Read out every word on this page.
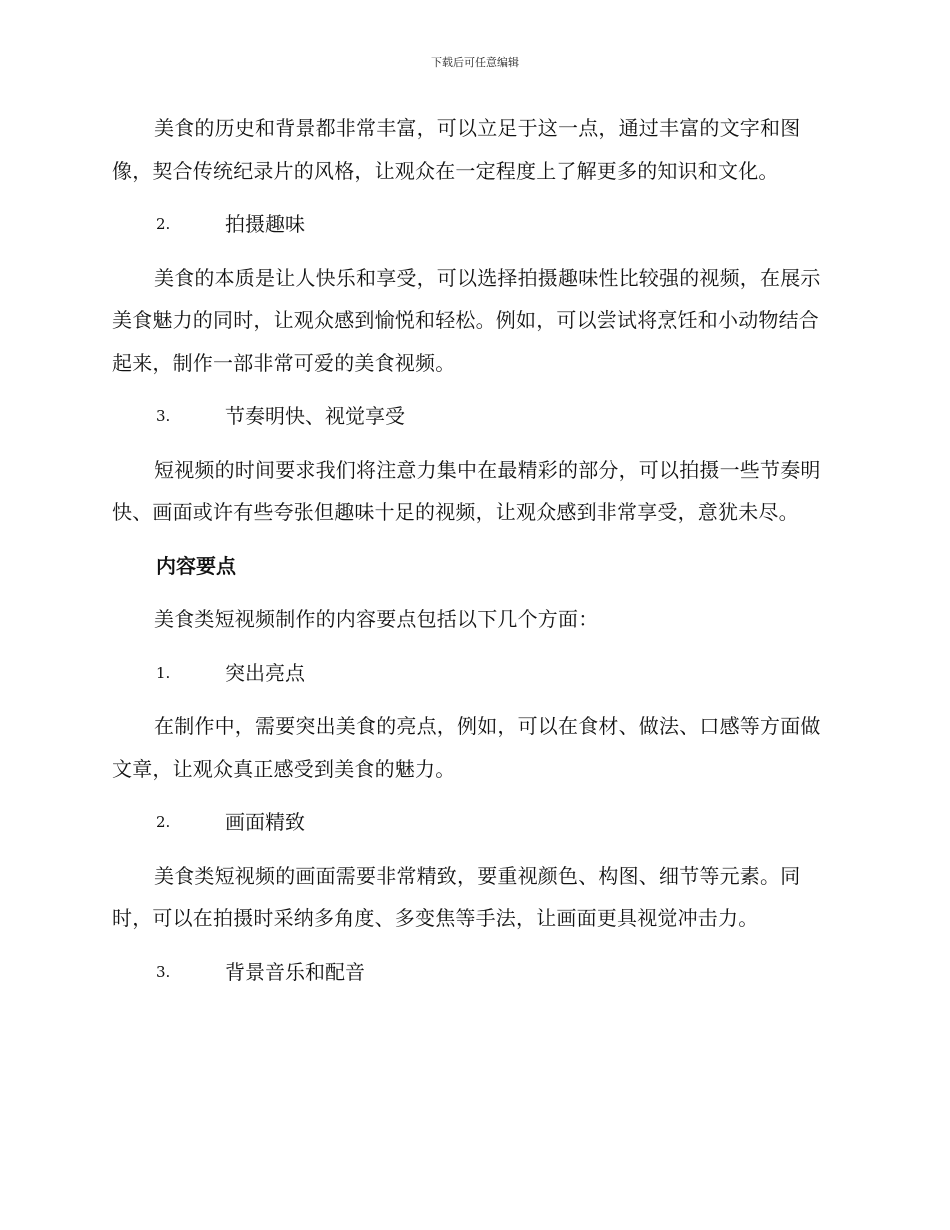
下载后可任意编辑

美食的历史和背景都非常丰富，可以立足于这一点，通过丰富的文字和图像，契合传统纪录片的风格，让观众在一定程度上了解更多的知识和文化。

2.	拍摄趣味

美食的本质是让人快乐和享受，可以选择拍摄趣味性比较强的视频，在展示美食魅力的同时，让观众感到愉悦和轻松。例如，可以尝试将烹饪和小动物结合起来，制作一部非常可爱的美食视频。

3.	节奏明快、视觉享受

短视频的时间要求我们将注意力集中在最精彩的部分，可以拍摄一些节奏明快、画面或许有些夸张但趣味十足的视频，让观众感到非常享受，意犹未尽。

内容要点

美食类短视频制作的内容要点包括以下几个方面：

1.	突出亮点

在制作中，需要突出美食的亮点，例如，可以在食材、做法、口感等方面做文章，让观众真正感受到美食的魅力。

2.	画面精致

美食类短视频的画面需要非常精致，要重视颜色、构图、细节等元素。同时，可以在拍摄时采纳多角度、多变焦等手法，让画面更具视觉冲击力。

3.	背景音乐和配音
